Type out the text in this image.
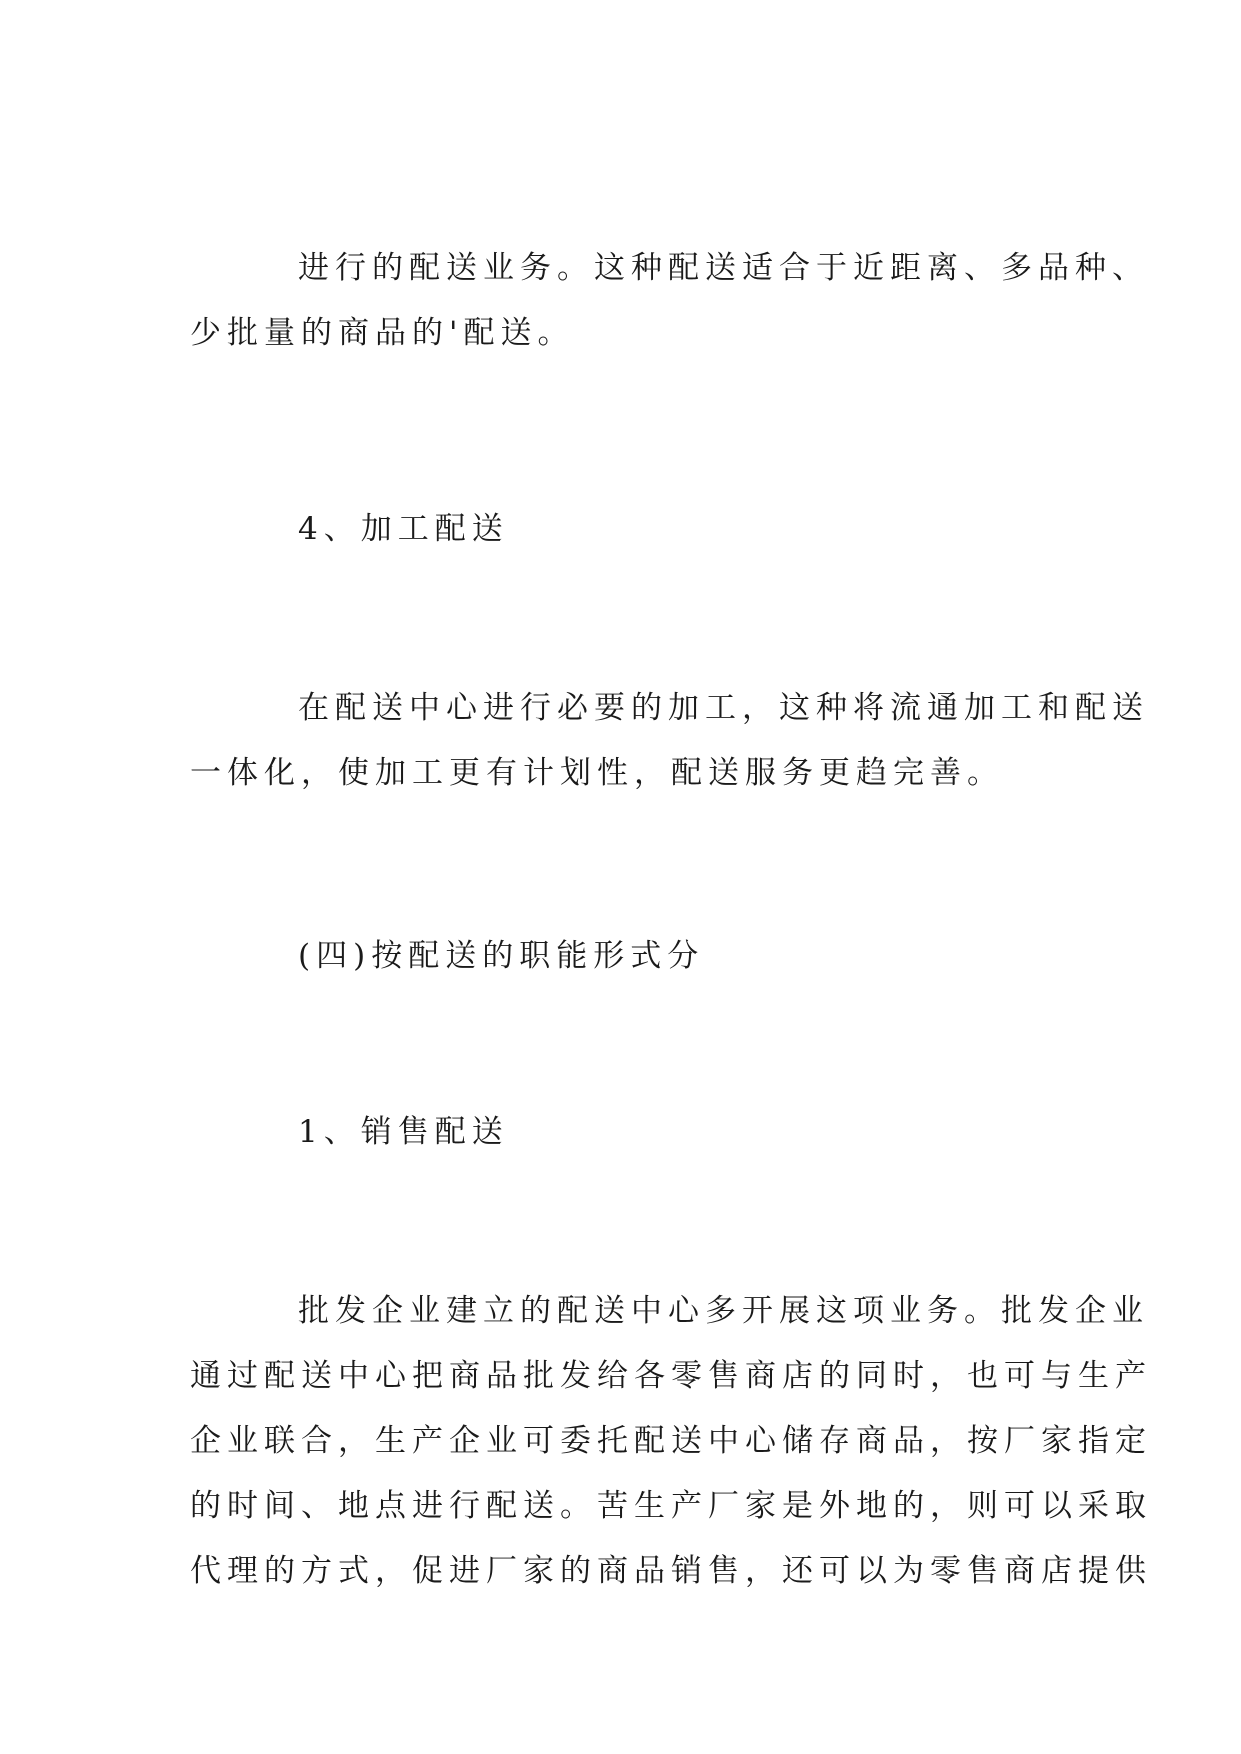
进行的配送业务。这种配送适合于近距离、多品种、
少批量的商品的'配送。
4、加工配送
在配送中心进行必要的加工，这种将流通加工和配送
一体化，使加工更有计划性，配送服务更趋完善。
(四)按配送的职能形式分
1、销售配送
批发企业建立的配送中心多开展这项业务。批发企业
通过配送中心把商品批发给各零售商店的同时，也可与生产
企业联合，生产企业可委托配送中心储存商品，按厂家指定
的时间、地点进行配送。苦生产厂家是外地的，则可以采取
代理的方式，促进厂家的商品销售，还可以为零售商店提供
